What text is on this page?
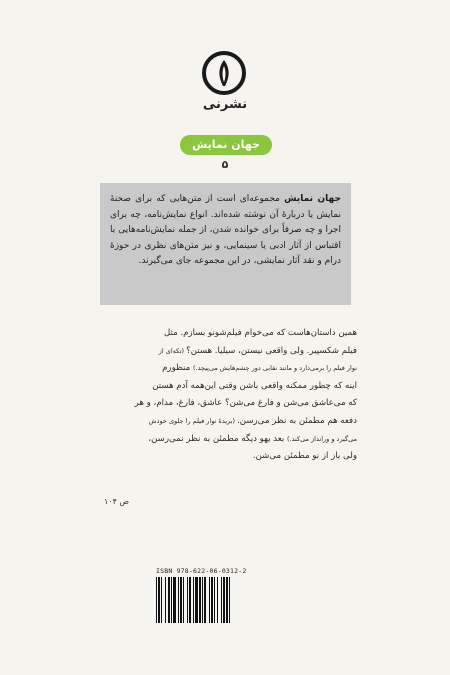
نشرنی
جهان نمایش
۵
جهان نمایش مجموعه‌ای است از متن‌هایی که برای صحنهٔ نمایش یا دربارهٔ آن نوشته شده‌اند. انواع نمایش‌نامه، چه برای اجرا و چه صرفاً برای خوانده شدن، از جمله نمایش‌نامه‌هایی با اقتباس از آثار ادبی یا سینمایی، و نیز متن‌های نظری در حوزهٔ درام و نقد آثار نمایشی، در این مجموعه جای می‌گیرند.
همین داستان‌هاست که می‌خوام فیلم‌شونو بسازم. مثل
فیلم شکسپیر. ولی واقعی نیستن، سیلیا. هستن؟ (تکه‌ای از
نوار فیلم را برمی‌دارد و مانند نقابی دور چشم‌هایش می‌پیچد.) منظورم
اینه که چطور ممکنه واقعی باشن وقتی این‌همه آدم هستن
که می‌عاشق می‌شن و فارغ می‌شن؟ عاشق، فارغ، مدام، و هر
دفعه هم مطمئن به نظر می‌رسن. (بریدهٔ نوار فیلم را جلوی خودش
می‌گیرد و ورانداز می‌کند.) بعد یهو دیگه مطمئن به نظر نمی‌رسن،
ولی باز از نو مطمئن می‌شن.
ص ۱۰۴
ISBN 978-622-06-0312-2
